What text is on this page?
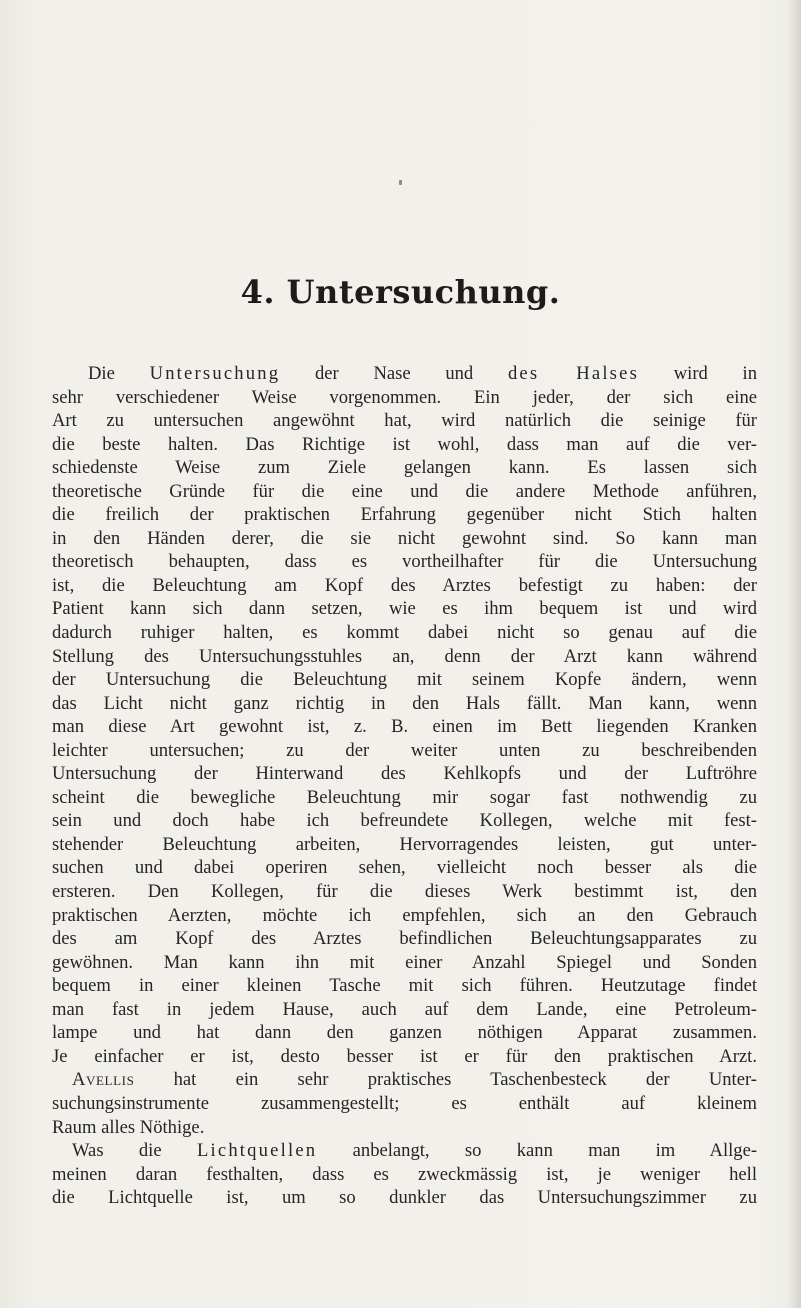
4. Untersuchung.
Die Untersuchung der Nase und des Halses wird in
sehr verschiedener Weise vorgenommen. Ein jeder, der sich eine
Art zu untersuchen angewöhnt hat, wird natürlich die seinige für
die beste halten. Das Richtige ist wohl, dass man auf die ver-
schiedenste Weise zum Ziele gelangen kann. Es lassen sich
theoretische Gründe für die eine und die andere Methode anführen,
die freilich der praktischen Erfahrung gegenüber nicht Stich halten
in den Händen derer, die sie nicht gewohnt sind. So kann man
theoretisch behaupten, dass es vortheilhafter für die Untersuchung
ist, die Beleuchtung am Kopf des Arztes befestigt zu haben: der
Patient kann sich dann setzen, wie es ihm bequem ist und wird
dadurch ruhiger halten, es kommt dabei nicht so genau auf die
Stellung des Untersuchungsstuhles an, denn der Arzt kann während
der Untersuchung die Beleuchtung mit seinem Kopfe ändern, wenn
das Licht nicht ganz richtig in den Hals fällt. Man kann, wenn
man diese Art gewohnt ist, z. B. einen im Bett liegenden Kranken
leichter untersuchen; zu der weiter unten zu beschreibenden
Untersuchung der Hinterwand des Kehlkopfs und der Luftröhre
scheint die bewegliche Beleuchtung mir sogar fast nothwendig zu
sein und doch habe ich befreundete Kollegen, welche mit fest-
stehender Beleuchtung arbeiten, Hervorragendes leisten, gut unter-
suchen und dabei operiren sehen, vielleicht noch besser als die
ersteren. Den Kollegen, für die dieses Werk bestimmt ist, den
praktischen Aerzten, möchte ich empfehlen, sich an den Gebrauch
des am Kopf des Arztes befindlichen Beleuchtungsapparates zu
gewöhnen. Man kann ihn mit einer Anzahl Spiegel und Sonden
bequem in einer kleinen Tasche mit sich führen. Heutzutage findet
man fast in jedem Hause, auch auf dem Lande, eine Petroleum-
lampe und hat dann den ganzen nöthigen Apparat zusammen.
Je einfacher er ist, desto besser ist er für den praktischen Arzt.
Avellis hat ein sehr praktisches Taschenbesteck der Unter-
suchungsinstrumente zusammengestellt; es enthält auf kleinem
Raum alles Nöthige.
Was die Lichtquellen anbelangt, so kann man im Allge-
meinen daran festhalten, dass es zweckmässig ist, je weniger hell
die Lichtquelle ist, um so dunkler das Untersuchungszimmer zu
